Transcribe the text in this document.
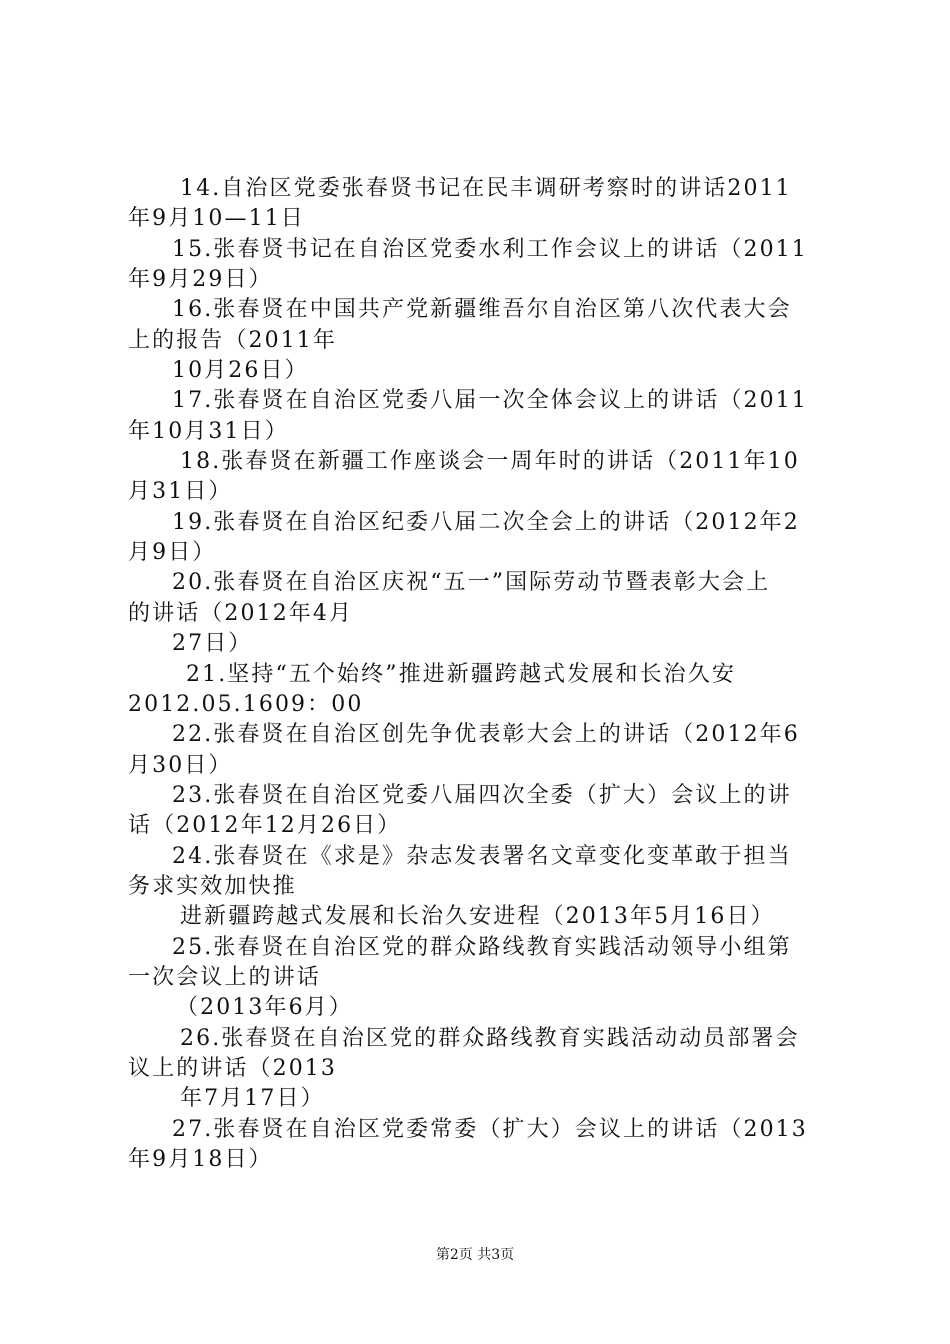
14.自治区党委张春贤书记在民丰调研考察时的讲话2011
年9月10—11日
15.张春贤书记在自治区党委水利工作会议上的讲话（2011
年9月29日）
16.张春贤在中国共产党新疆维吾尔自治区第八次代表大会
上的报告（2011年
10月26日）
17.张春贤在自治区党委八届一次全体会议上的讲话（2011
年10月31日）
18.张春贤在新疆工作座谈会一周年时的讲话（2011年10
月31日）
19.张春贤在自治区纪委八届二次全会上的讲话（2012年2
月9日）
20.张春贤在自治区庆祝“五一”国际劳动节暨表彰大会上
的讲话（2012年4月
27日）
21.坚持“五个始终”推进新疆跨越式发展和长治久安
2012.05.1609：00
22.张春贤在自治区创先争优表彰大会上的讲话（2012年6
月30日）
23.张春贤在自治区党委八届四次全委（扩大）会议上的讲
话（2012年12月26日）
24.张春贤在《求是》杂志发表署名文章变化变革敢于担当
务求实效加快推
进新疆跨越式发展和长治久安进程（2013年5月16日）
25.张春贤在自治区党的群众路线教育实践活动领导小组第
一次会议上的讲话
（2013年6月）
26.张春贤在自治区党的群众路线教育实践活动动员部署会
议上的讲话（2013
年7月17日）
27.张春贤在自治区党委常委（扩大）会议上的讲话（2013
年9月18日）
第2页 共3页
